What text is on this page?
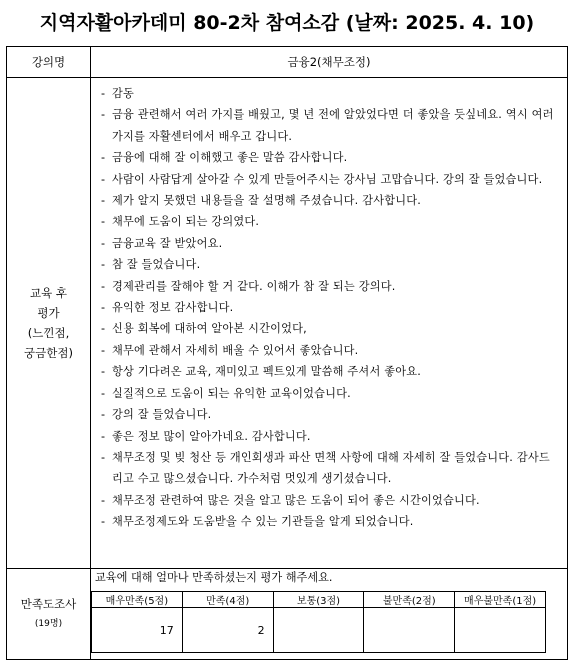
지역자활아카데미 80-2차 참여소감 (날짜: 2025. 4. 10)
강의명	금융2(채무조정)

교육 후
평가
(느낀점,
궁금한점)

- 감동
- 금융 관련해서 여러 가지를 배웠고, 몇 년 전에 알았었다면 더 좋았을 듯싶네요. 역시 여러 가지를 자활센터에서 배우고 갑니다.
- 금융에 대해 잘 이해했고 좋은 말씀 감사합니다.
- 사람이 사람답게 살아갈 수 있게 만들어주시는 강사님 고맙습니다. 강의 잘 들었습니다.
- 제가 알지 못했던 내용들을 잘 설명해 주셨습니다. 감사합니다.
- 채무에 도움이 되는 강의였다.
- 금융교육 잘 받았어요.
- 참 잘 들었습니다.
- 경제관리를 잘해야 할 거 같다. 이해가 참 잘 되는 강의다.
- 유익한 정보 감사합니다.
- 신용 회복에 대하여 알아본 시간이었다,
- 채무에 관해서 자세히 배울 수 있어서 좋았습니다.
- 항상 기다려온 교육, 재미있고 펙트있게 말씀해 주셔서 좋아요.
- 실질적으로 도움이 되는 유익한 교육이었습니다.
- 강의 잘 들었습니다.
- 좋은 정보 많이 알아가네요. 감사합니다.
- 채무조정 및 빚 청산 등 개인회생과 파산 면책 사항에 대해 자세히 잘 들었습니다. 감사드리고 수고 많으셨습니다. 가수처럼 멋있게 생기셨습니다.
- 채무조정 관련하여 많은 것을 알고 많은 도움이 되어 좋은 시간이었습니다.
- 채무조정제도와 도움받을 수 있는 기관들을 알게 되었습니다.

만족도조사
(19명)

교육에 대해 얼마나 만족하셨는지 평가 해주세요.
매우만족(5점)	만족(4점)	보통(3점)	불만족(2점)	매우불만족(1점)
17	2			
